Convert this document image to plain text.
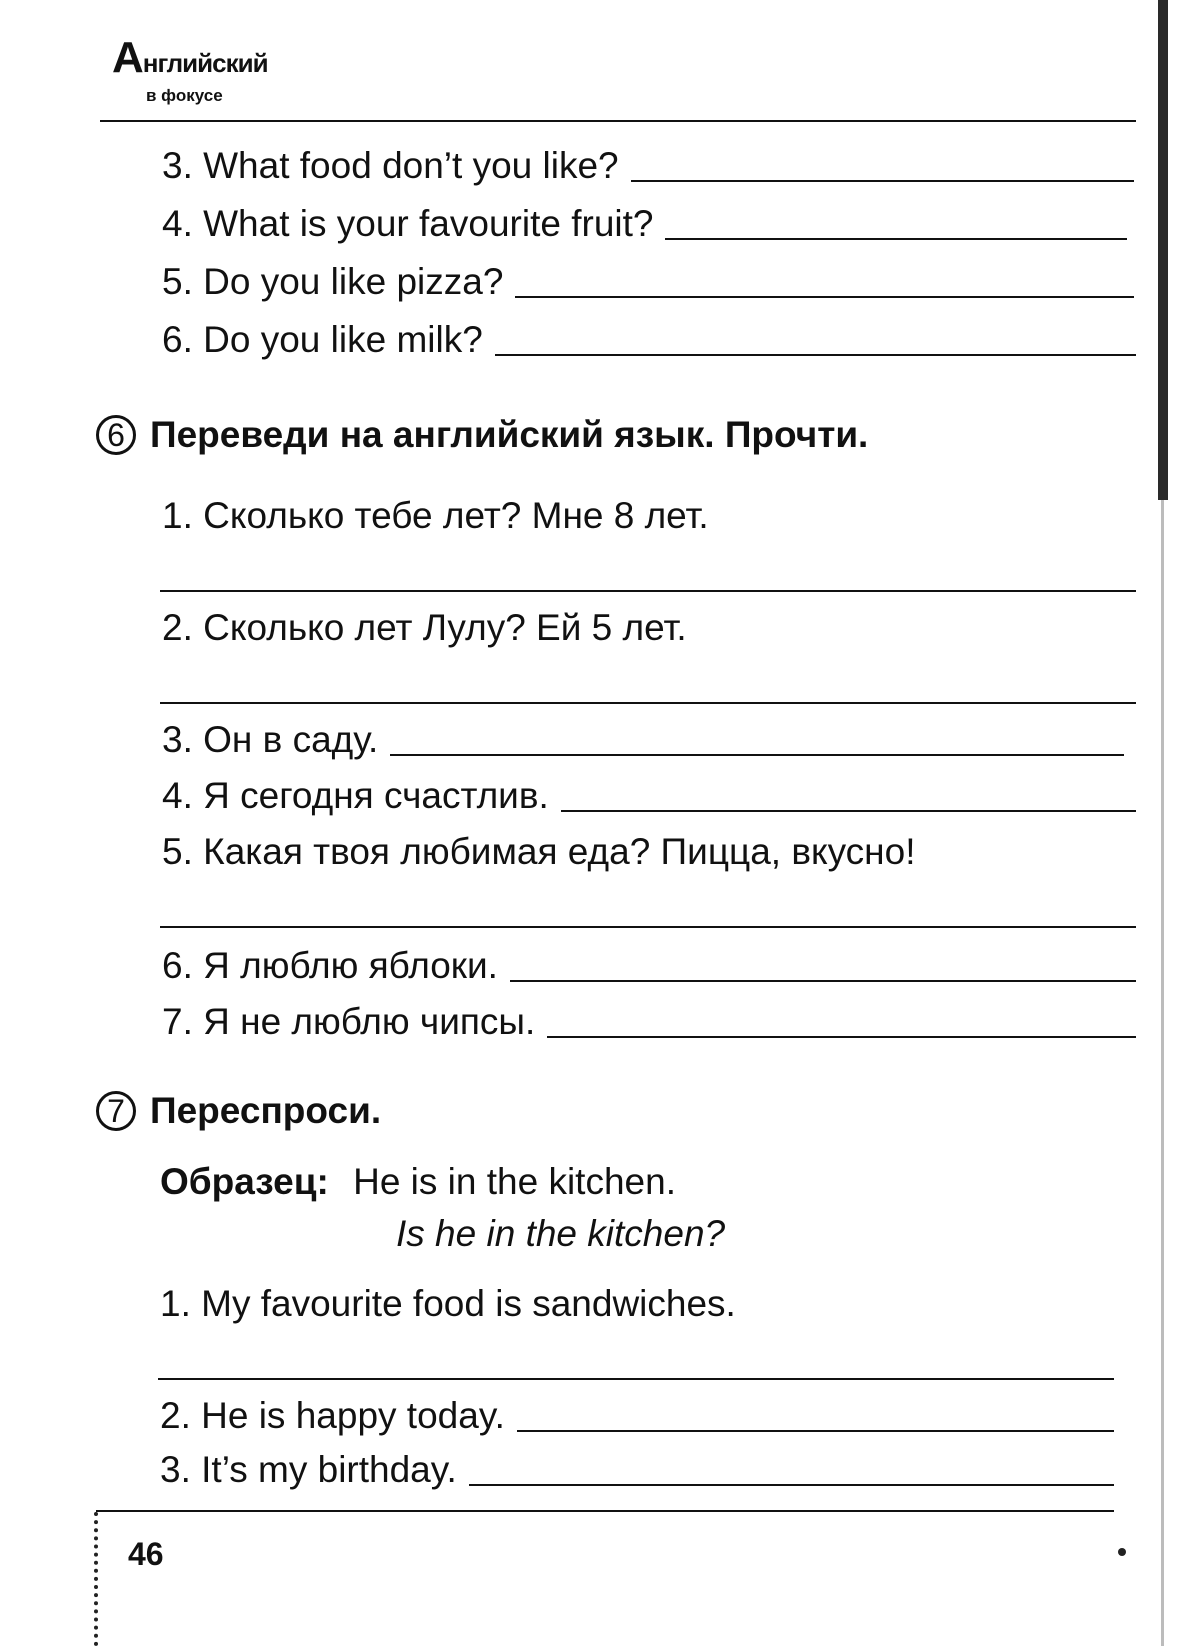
Английский
в фокусе
3. What food don’t you like?
4. What is your favourite fruit?
5. Do you like pizza?
6. Do you like milk?
6 Переведи на английский язык. Прочти.
1. Сколько тебе лет? Мне 8 лет.
2. Сколько лет Лулу? Ей 5 лет.
3. Он в саду.
4. Я сегодня счастлив.
5. Какая твоя любимая еда? Пицца, вкусно!
6. Я люблю яблоки.
7. Я не люблю чипсы.
7 Переспроси.
Образец: He is in the kitchen.
Is he in the kitchen?
1. My favourite food is sandwiches.
2. He is happy today.
3. It’s my birthday.
46
